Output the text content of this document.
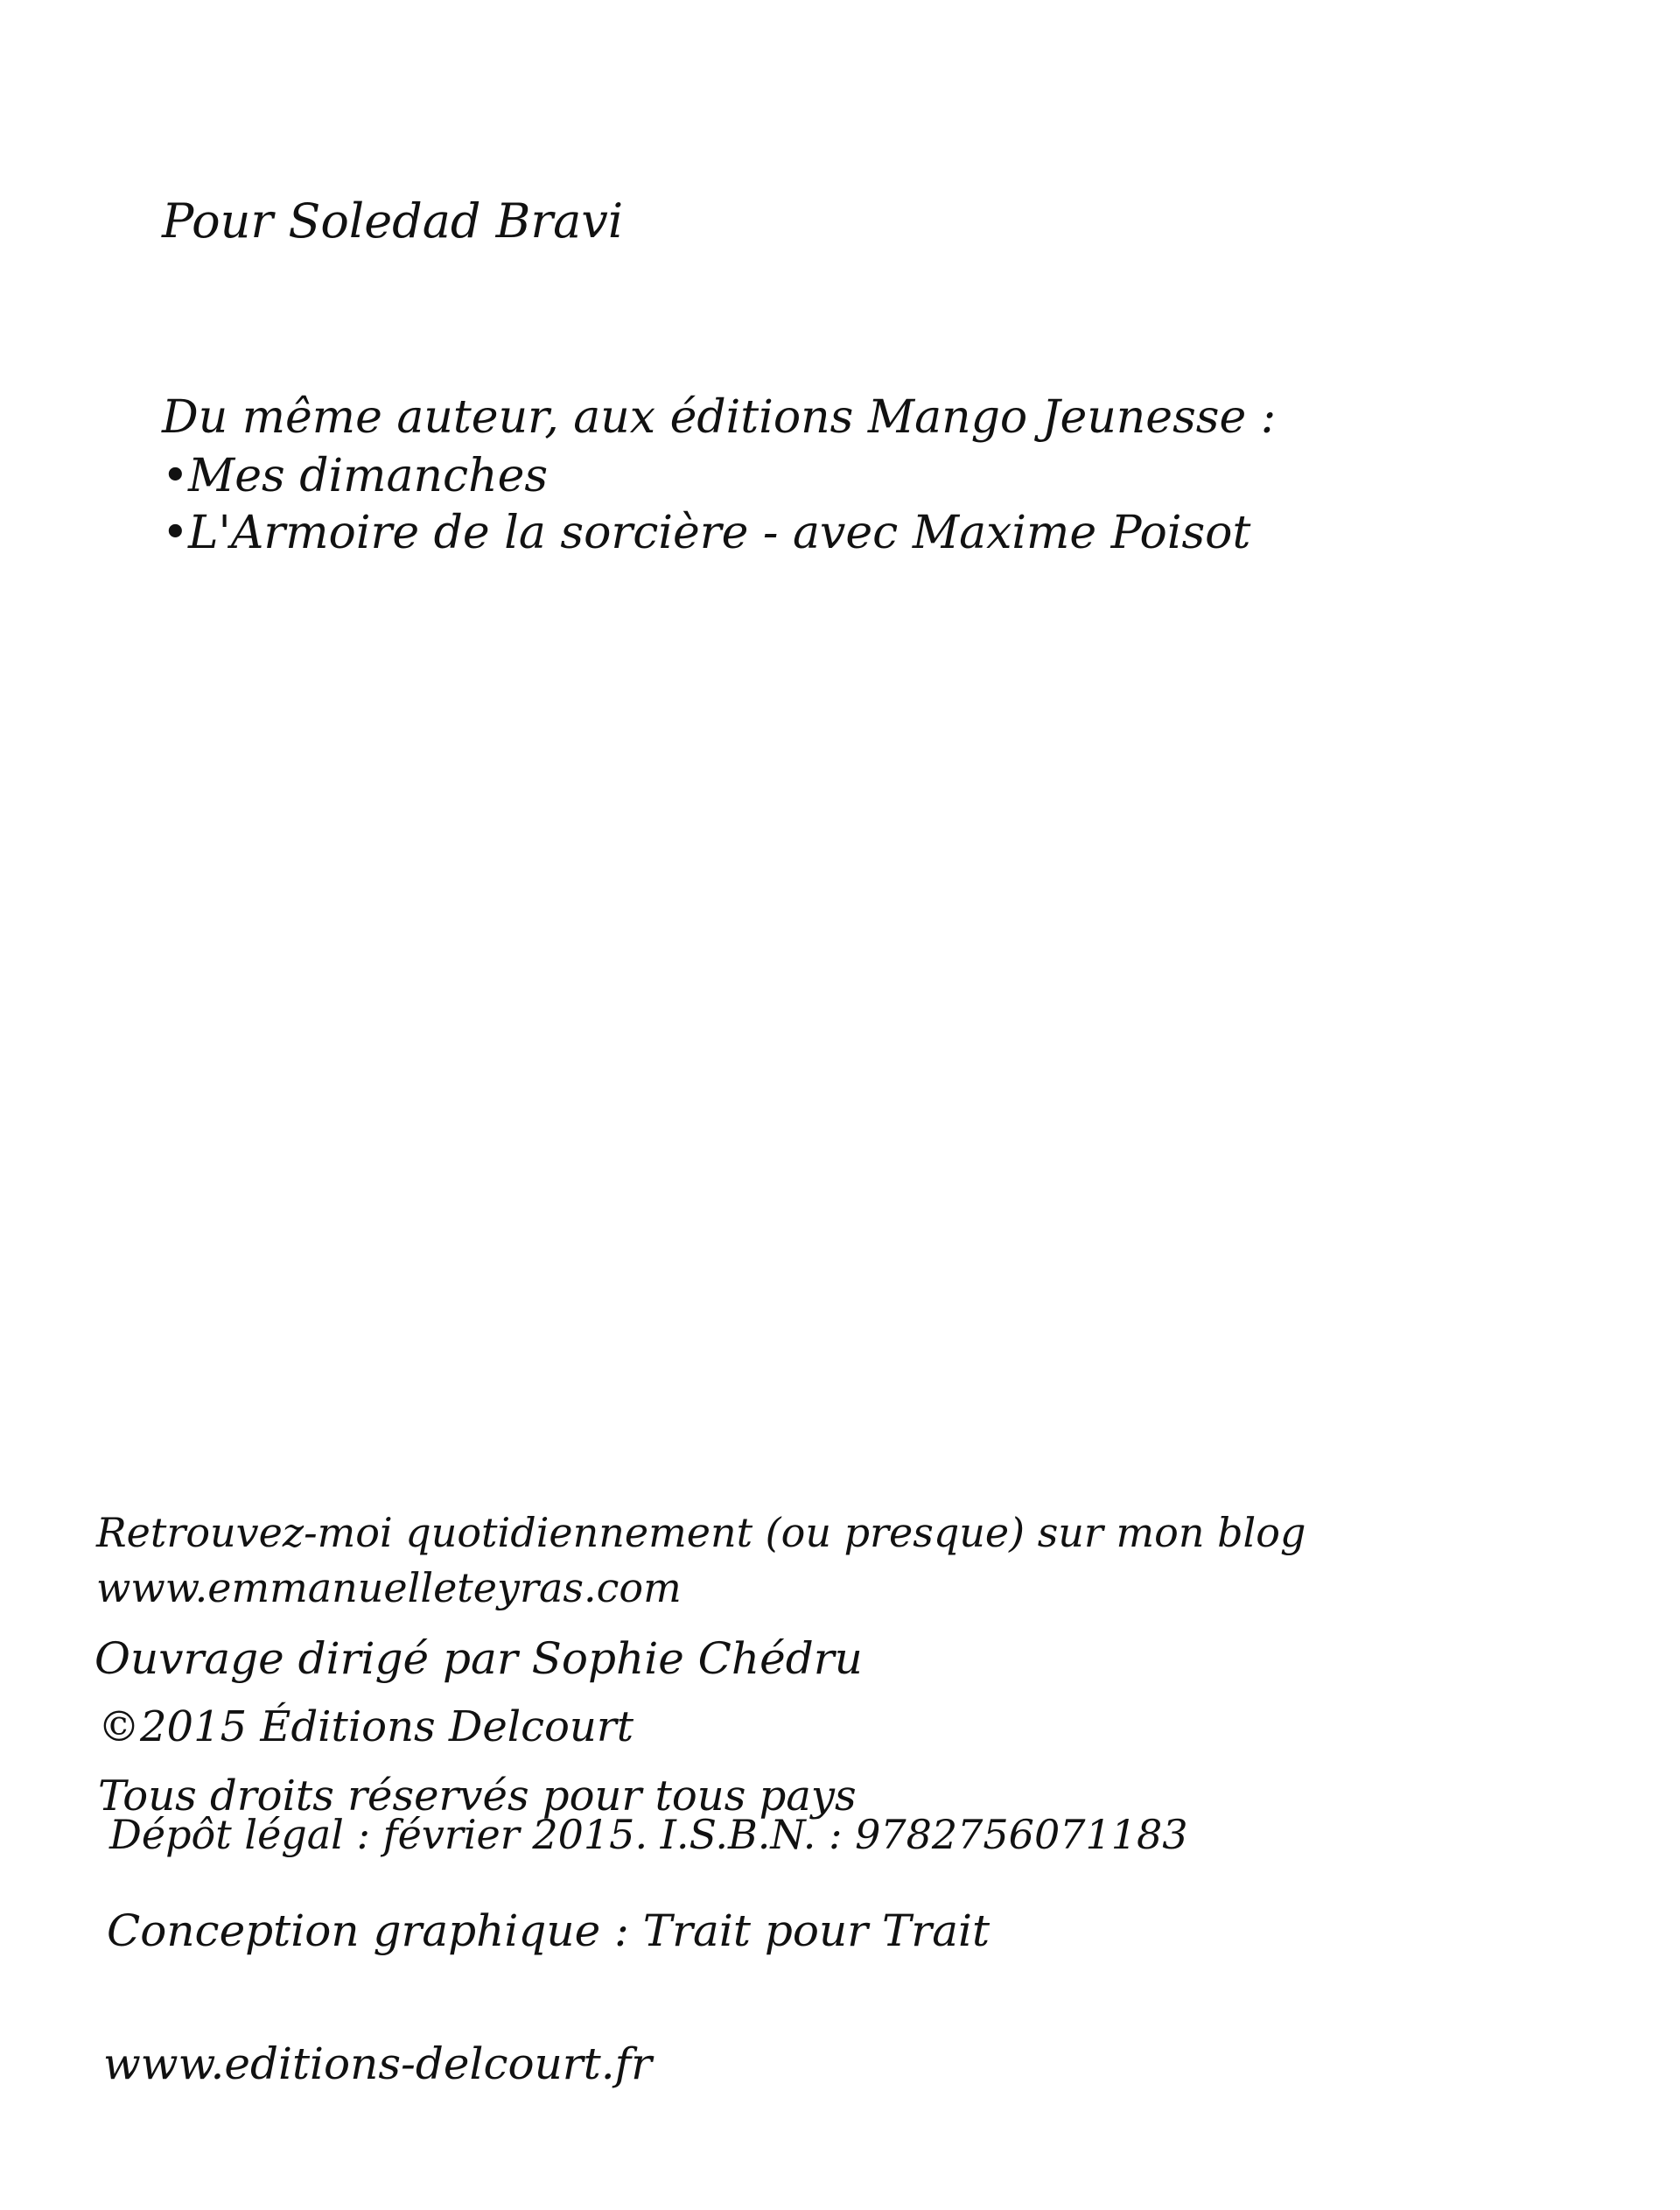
Pour Soledad Bravi
Du même auteur, aux éditions Mango Jeunesse :
•Mes dimanches
•L'Armoire de la sorcière - avec Maxime Poisot
Retrouvez-moi quotidiennement (ou presque) sur mon blog
www.emmanuelleteyras.com
Ouvrage dirigé par Sophie Chédru
©2015 Éditions Delcourt
Tous droits réservés pour tous pays
Dépôt légal : février 2015. I.S.B.N. : 9782756071183
Conception graphique : Trait pour Trait
www.editions-delcourt.fr
